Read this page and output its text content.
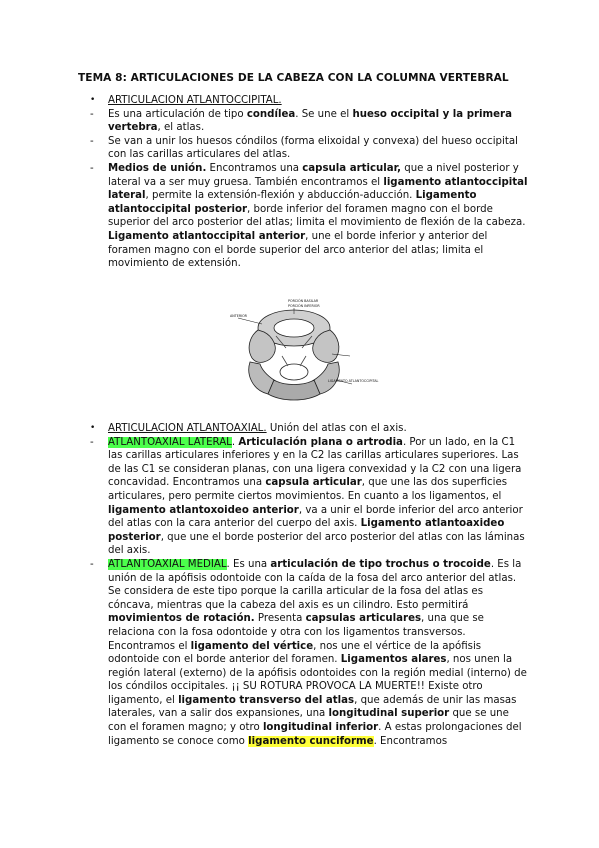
TEMA 8: ARTICULACIONES DE LA CABEZA CON LA COLUMNA VERTEBRAL
•	ARTICULACION ATLANTOCCIPITAL.
-	Es una articulación de tipo condílea. Se une el hueso occipital y la primera vertebra, el atlas.
-	Se van a unir los huesos cóndilos (forma elixoidal y convexa) del hueso occipital con las carillas articulares del atlas.
-	Medios de unión. Encontramos una capsula articular, que a nivel posterior y lateral va a ser muy gruesa. También encontramos el ligamento atlantoccipital lateral, permite la extensión-flexión y abducción-aducción. Ligamento atlantoccipital posterior, borde inferior del foramen magno con el borde superior del arco posterior del atlas; limita el movimiento de flexión de la cabeza. Ligamento atlantoccipital anterior, une el borde inferior y anterior del foramen magno con el borde superior del arco anterior del atlas; limita el movimiento de extensión.
PORCIÓN BASILAR
PORCIÓN INFERIOR
ANTERIOR
LIGAMENTO ATLANTOCCIPITAL
•	ARTICULACION ATLANTOAXIAL. Unión del atlas con el axis.
-	ATLANTOAXIAL LATERAL. Articulación plana o artrodia. Por un lado, en la C1 las carillas articulares inferiores y en la C2 las carillas articulares superiores. Las de las C1 se consideran planas, con una ligera convexidad y la C2 con una ligera concavidad. Encontramos una capsula articular, que une las dos superficies articulares, pero permite ciertos movimientos. En cuanto a los ligamentos, el ligamento atlantoxoideo anterior, va a unir el borde inferior del arco anterior del atlas con la cara anterior del cuerpo del axis. Ligamento atlantoaxideo posterior, que une el borde posterior del arco posterior del atlas con las láminas del axis.
-	ATLANTOAXIAL MEDIAL. Es una articulación de tipo trochus o trocoide. Es la unión de la apófisis odontoide con la caída de la fosa del arco anterior del atlas. Se considera de este tipo porque la carilla articular de la fosa del atlas es cóncava, mientras que la cabeza del axis es un cilindro. Esto permitirá movimientos de rotación. Presenta capsulas articulares, una que se relaciona con la fosa odontoide y otra con los ligamentos transversos. Encontramos el ligamento del vértice, nos une el vértice de la apófisis odontoide con el borde anterior del foramen. Ligamentos alares, nos unen la región lateral (externo) de la apófisis odontoides con la región medial (interno) de los cóndilos occipitales. ¡¡ SU ROTURA PROVOCA LA MUERTE!! Existe otro ligamento, el ligamento transverso del atlas, que además de unir las masas laterales, van a salir dos expansiones, una longitudinal superior que se une con el foramen magno; y otro longitudinal inferior. A estas prolongaciones del ligamento se conoce como ligamento cunciforme. Encontramos
